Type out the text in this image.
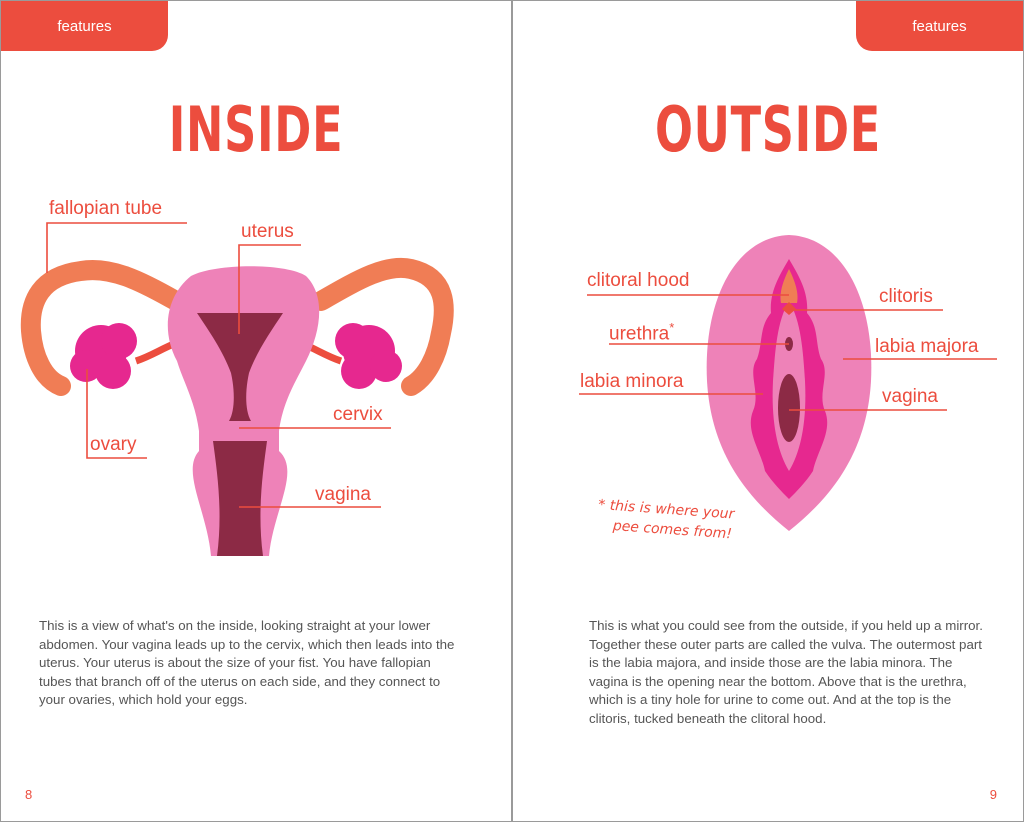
features
INSIDE
fallopian tube
uterus
cervix
ovary
vagina
This is a view of what's on the inside, looking straight at your lower abdomen. Your vagina leads up to the cervix, which then leads into the uterus. Your uterus is about the size of your fist. You have fallopian tubes that branch off of the uterus on each side, and they connect to your ovaries, which hold your eggs.
8
features
OUTSIDE
clitoral hood
clitoris
urethra*
labia majora
labia minora
vagina
* this is where your
pee comes from!
This is what you could see from the outside, if you held up a mirror. Together these outer parts are called the vulva. The outermost part is the labia majora, and inside those are the labia minora. The vagina is the opening near the bottom. Above that is the urethra, which is a tiny hole for urine to come out. And at the top is the clitoris, tucked beneath the clitoral hood.
9
